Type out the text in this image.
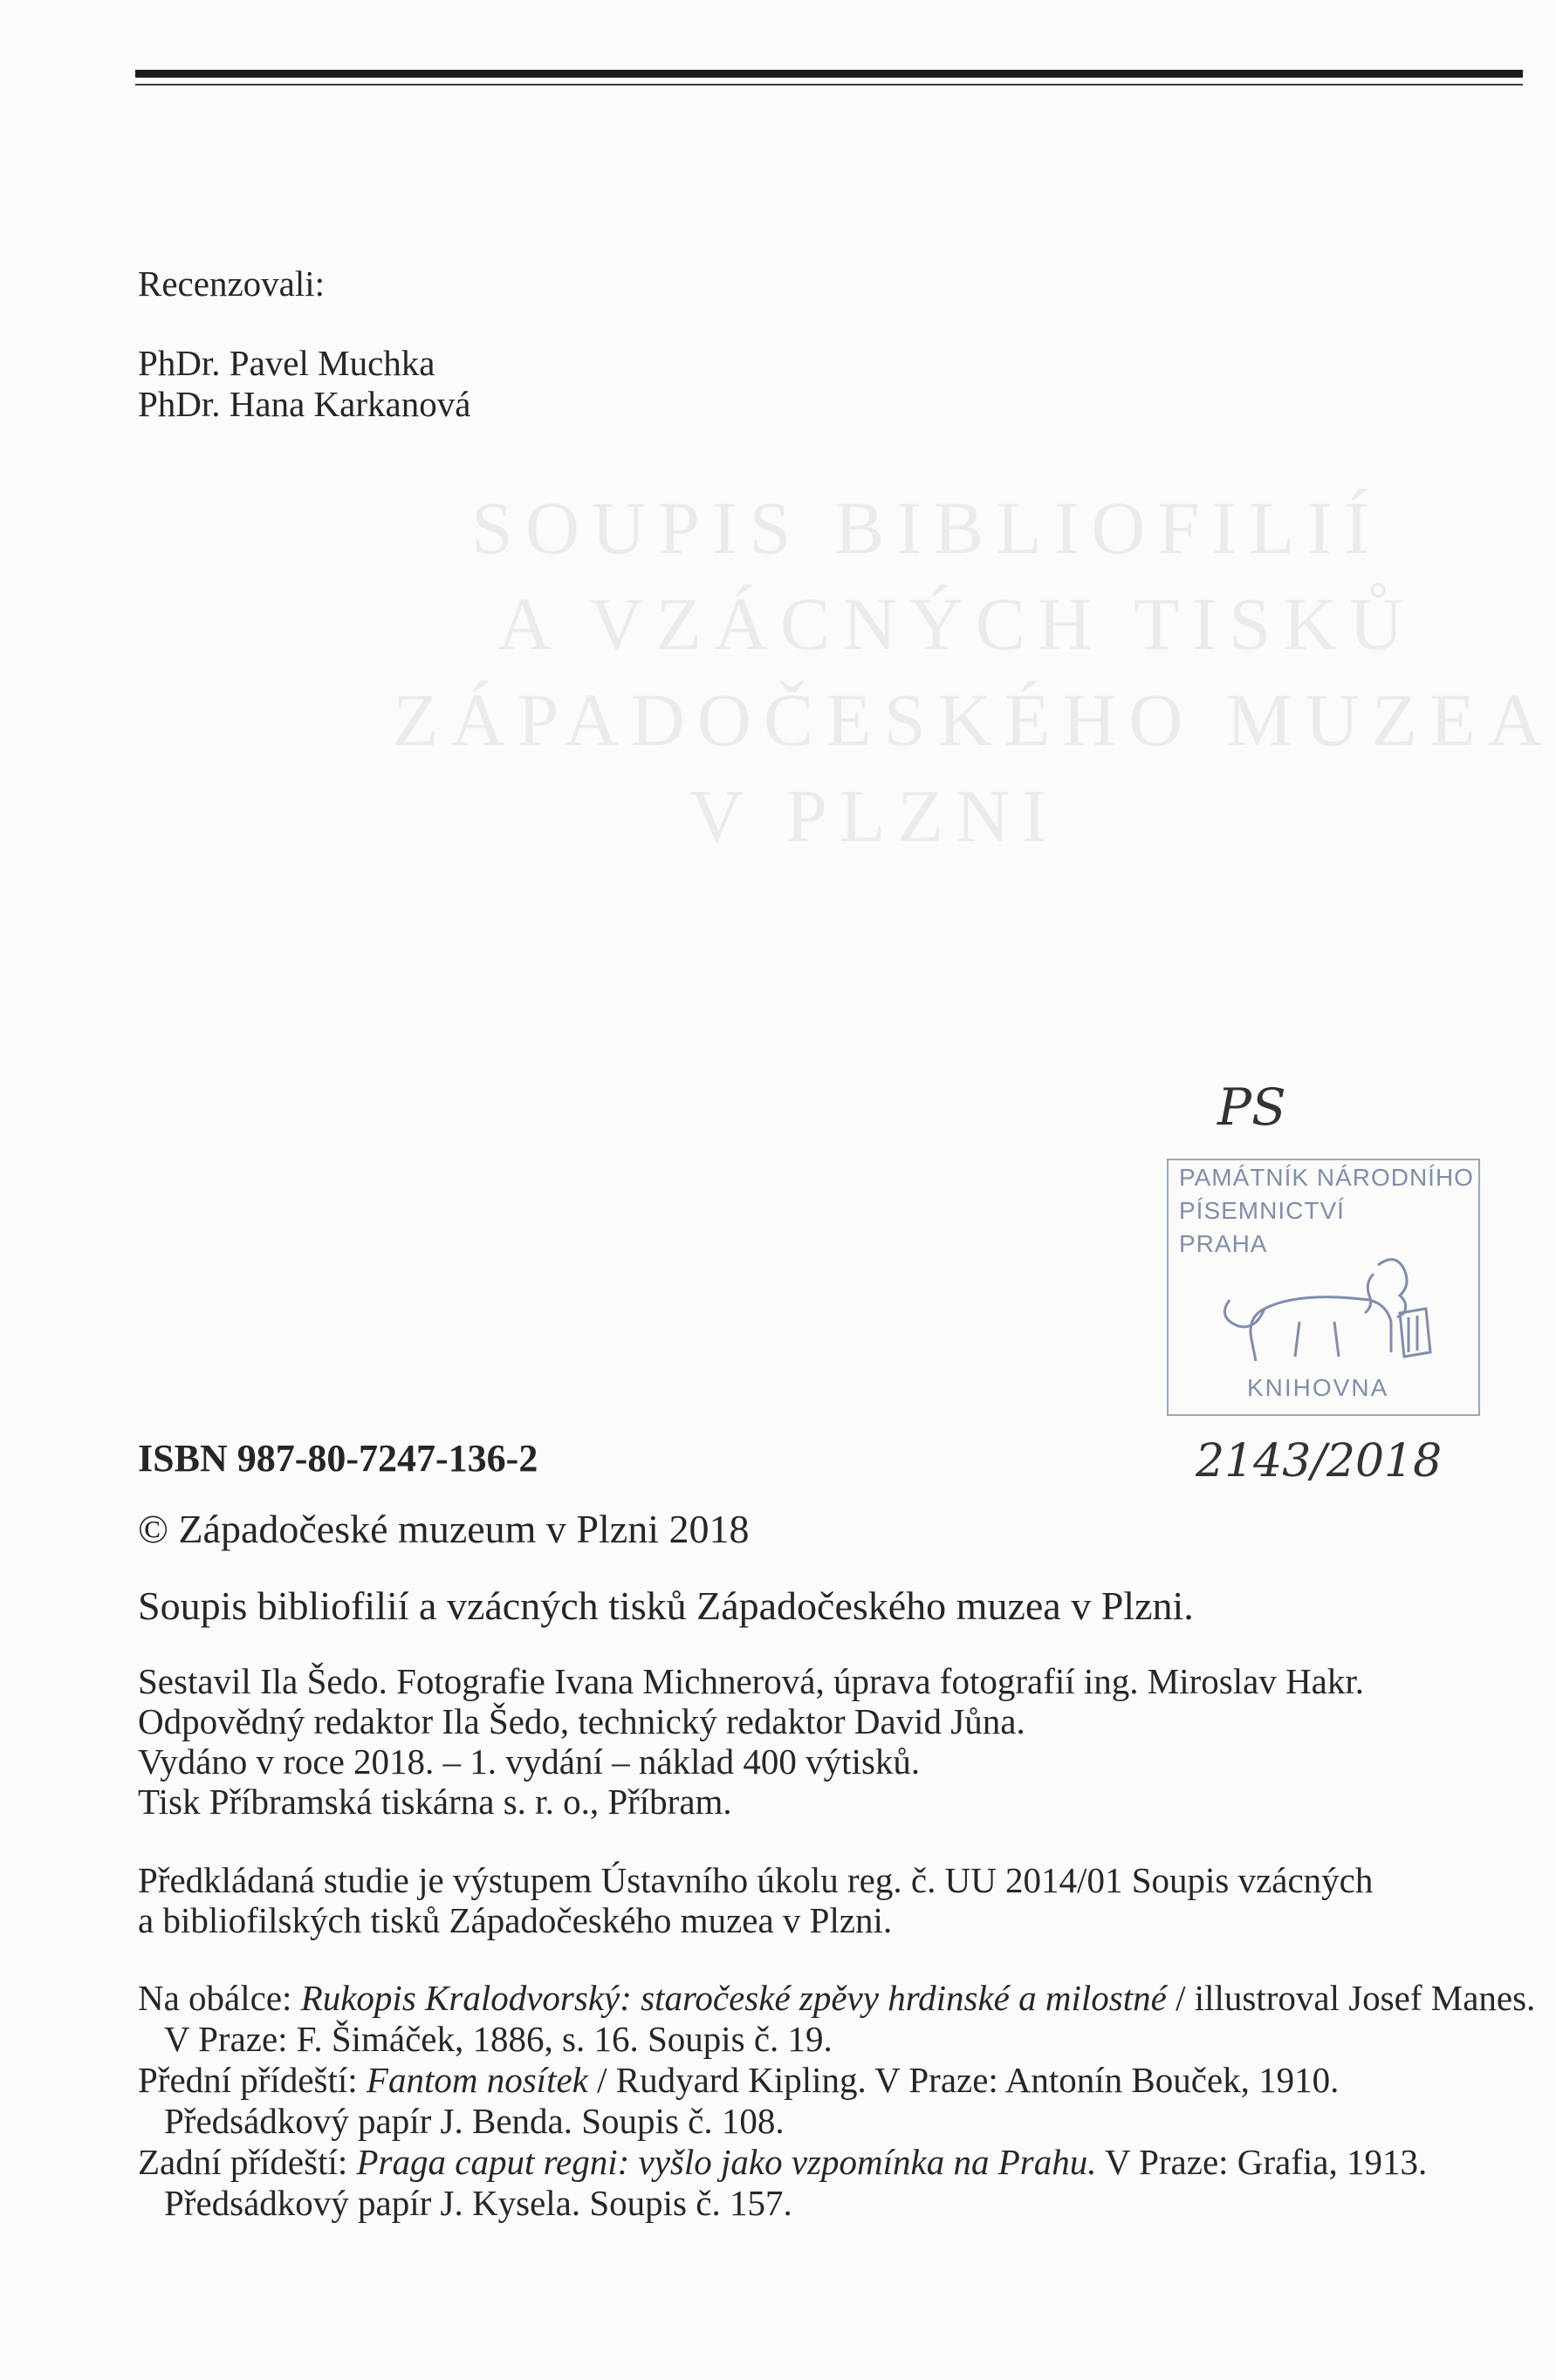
SOUPIS BIBLIOFILIÍ
A VZÁCNÝCH TISKŮ
ZÁPADOČESKÉHO MUZEA
V PLZNI
Recenzovali:
PhDr. Pavel Muchka
PhDr. Hana Karkanová
PS
PAMÁTNÍK NÁRODNÍHO
PÍSEMNICTVÍ
PRAHA
KNIHOVNA
2143/2018
ISBN 987-80-7247-136-2
© Západočeské muzeum v Plzni 2018
Soupis bibliofilií a vzácných tisků Západočeského muzea v Plzni.
Sestavil Ila Šedo. Fotografie Ivana Michnerová, úprava fotografií ing. Miroslav Hakr.
Odpovědný redaktor Ila Šedo, technický redaktor David Jůna.
Vydáno v roce 2018. – 1. vydání – náklad 400 výtisků.
Tisk Příbramská tiskárna s. r. o., Příbram.
Předkládaná studie je výstupem Ústavního úkolu reg. č. UU 2014/01 Soupis vzácných
a bibliofilských tisků Západočeského muzea v Plzni.
Na obálce: Rukopis Kralodvorský: staročeské zpěvy hrdinské a milostné / illustroval Josef Manes.
V Praze: F. Šimáček, 1886, s. 16. Soupis č. 19.
Přední přídeští: Fantom nosítek / Rudyard Kipling. V Praze: Antonín Bouček, 1910.
Předsádkový papír J. Benda. Soupis č. 108.
Zadní přídeští: Praga caput regni: vyšlo jako vzpomínka na Prahu. V Praze: Grafia, 1913.
Předsádkový papír J. Kysela. Soupis č. 157.
